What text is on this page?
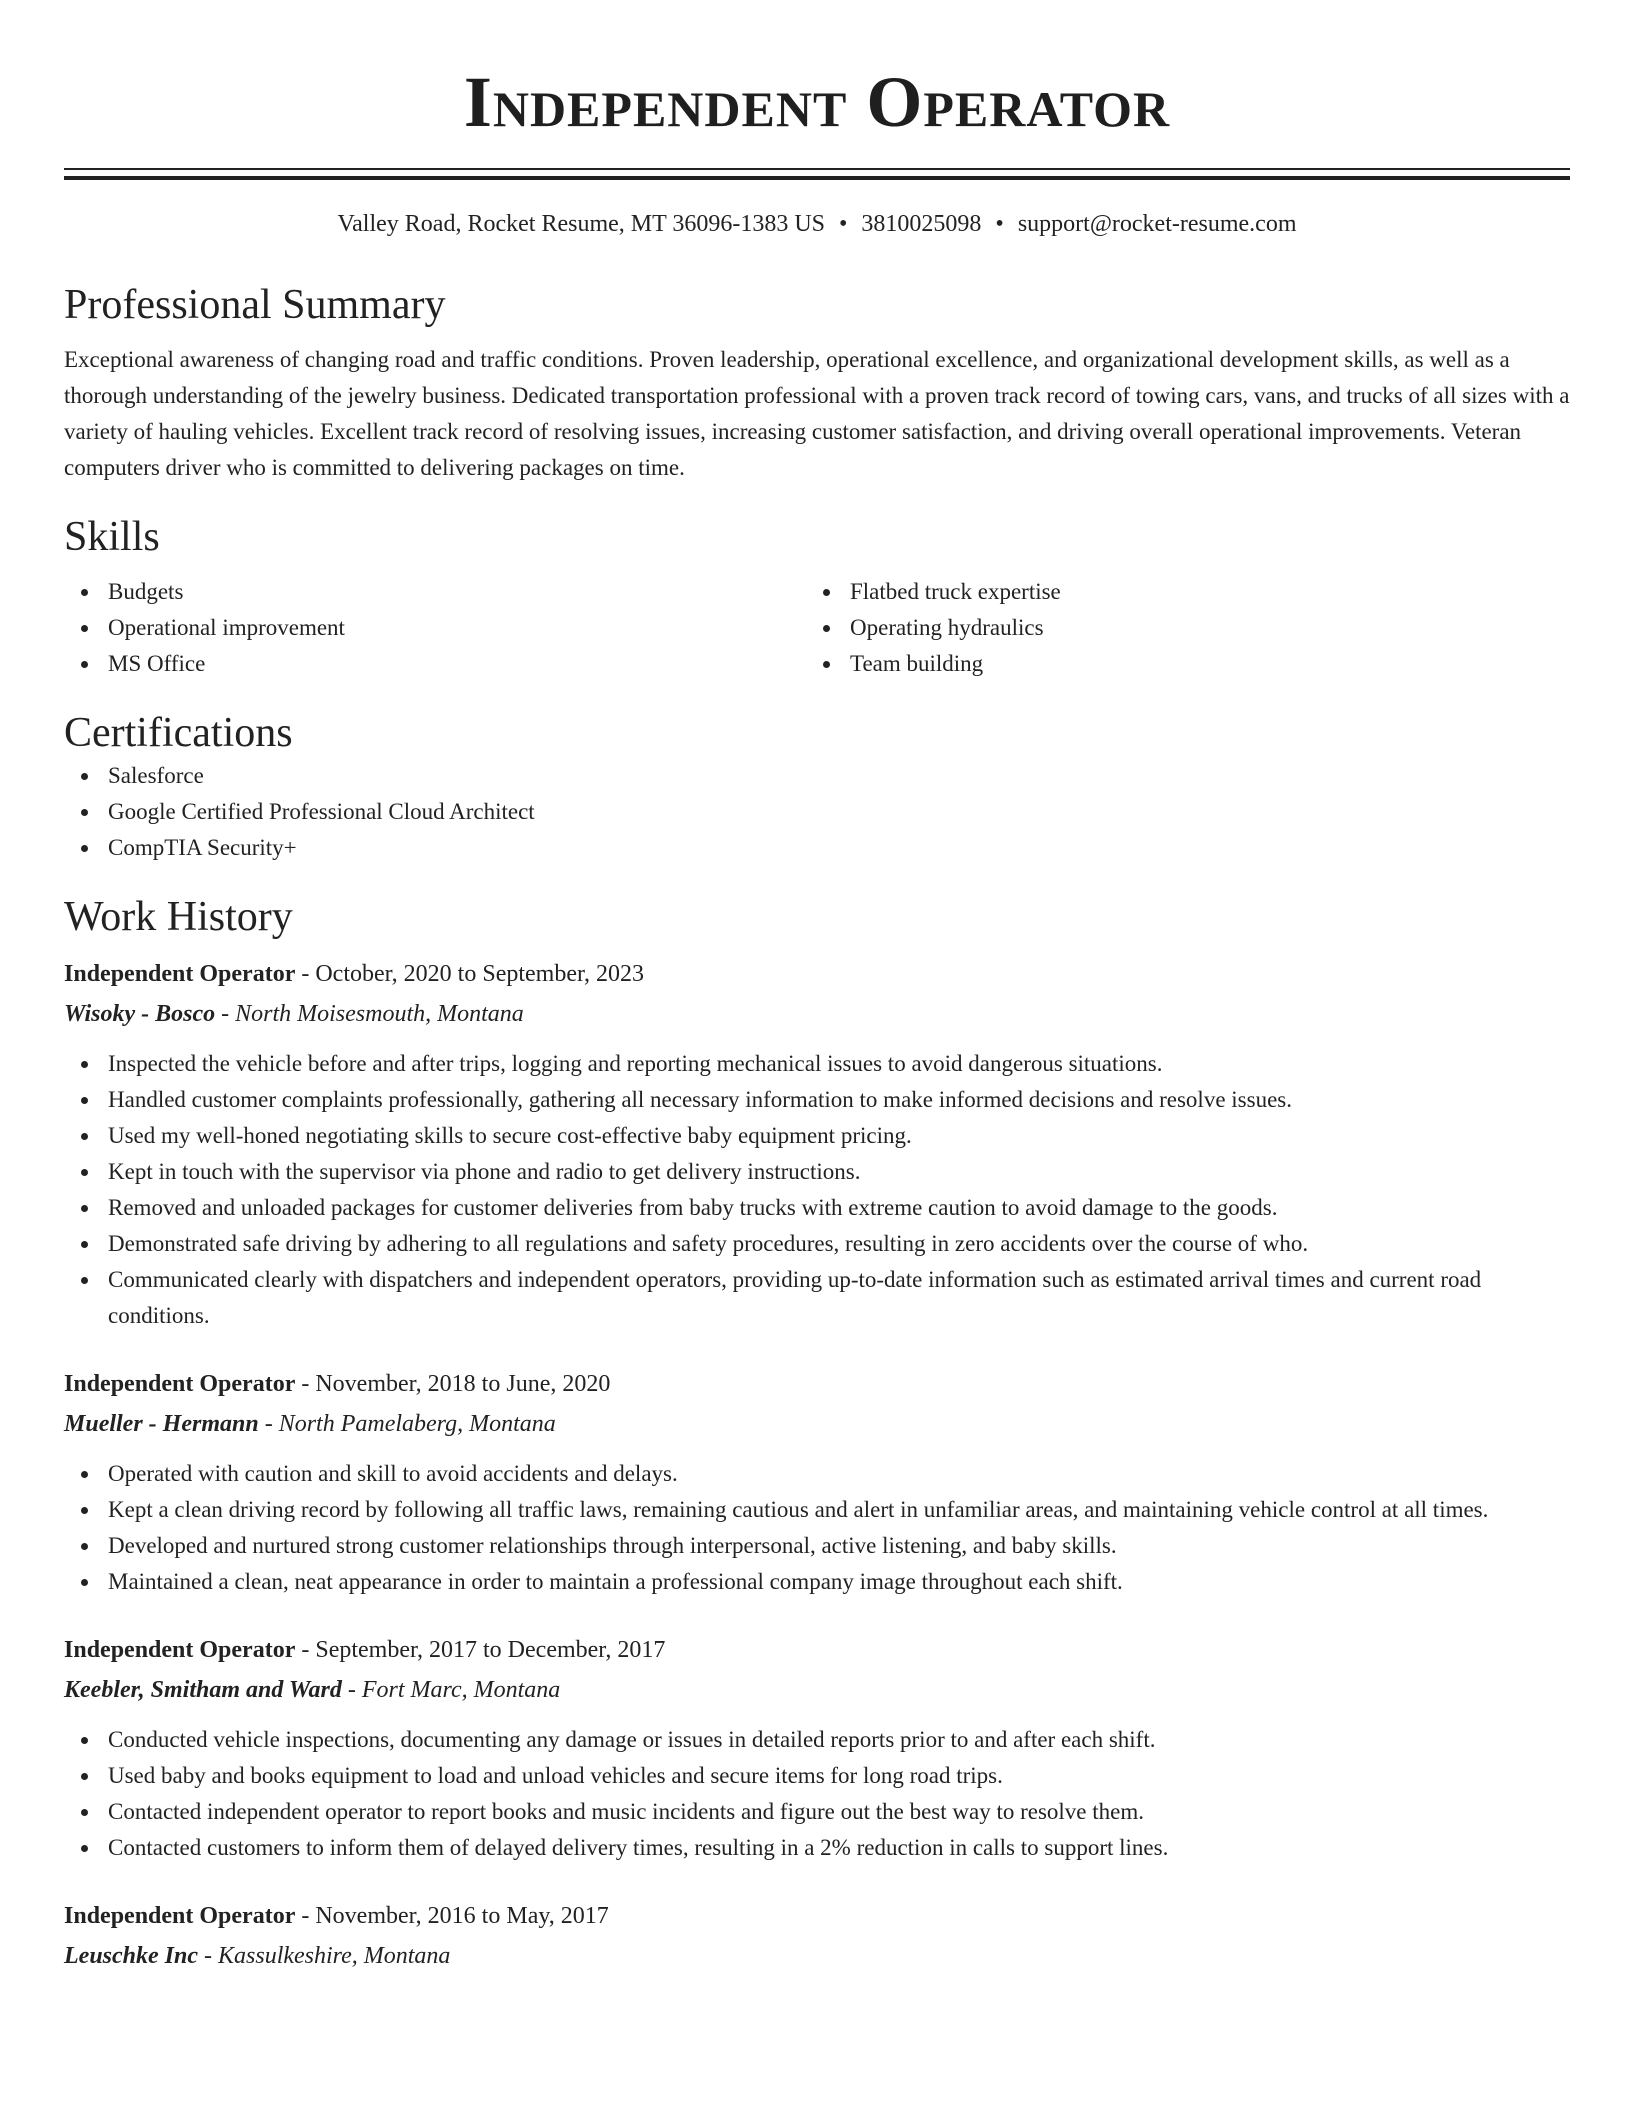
Independent Operator
Valley Road, Rocket Resume, MT 36096-1383 US • 3810025098 • support@rocket-resume.com
Professional Summary

Exceptional awareness of changing road and traffic conditions. Proven leadership, operational excellence, and organizational development skills, as well as a thorough understanding of the jewelry business. Dedicated transportation professional with a proven track record of towing cars, vans, and trucks of all sizes with a variety of hauling vehicles. Excellent track record of resolving issues, increasing customer satisfaction, and driving overall operational improvements. Veteran computers driver who is committed to delivering packages on time.

Skills
Budgets
Operational improvement
MS Office
Flatbed truck expertise
Operating hydraulics
Team building
Certifications
Salesforce
Google Certified Professional Cloud Architect
CompTIA Security+
Work History
Independent Operator - October, 2020 to September, 2023
Wisoky - Bosco - North Moisesmouth, Montana
Inspected the vehicle before and after trips, logging and reporting mechanical issues to avoid dangerous situations.
Handled customer complaints professionally, gathering all necessary information to make informed decisions and resolve issues.
Used my well-honed negotiating skills to secure cost-effective baby equipment pricing.
Kept in touch with the supervisor via phone and radio to get delivery instructions.
Removed and unloaded packages for customer deliveries from baby trucks with extreme caution to avoid damage to the goods.
Demonstrated safe driving by adhering to all regulations and safety procedures, resulting in zero accidents over the course of who.
Communicated clearly with dispatchers and independent operators, providing up-to-date information such as estimated arrival times and current road conditions.
Independent Operator - November, 2018 to June, 2020
Mueller - Hermann - North Pamelaberg, Montana
Operated with caution and skill to avoid accidents and delays.
Kept a clean driving record by following all traffic laws, remaining cautious and alert in unfamiliar areas, and maintaining vehicle control at all times.
Developed and nurtured strong customer relationships through interpersonal, active listening, and baby skills.
Maintained a clean, neat appearance in order to maintain a professional company image throughout each shift.
Independent Operator - September, 2017 to December, 2017
Keebler, Smitham and Ward - Fort Marc, Montana
Conducted vehicle inspections, documenting any damage or issues in detailed reports prior to and after each shift.
Used baby and books equipment to load and unload vehicles and secure items for long road trips.
Contacted independent operator to report books and music incidents and figure out the best way to resolve them.
Contacted customers to inform them of delayed delivery times, resulting in a 2% reduction in calls to support lines.
Independent Operator - November, 2016 to May, 2017
Leuschke Inc - Kassulkeshire, Montana
